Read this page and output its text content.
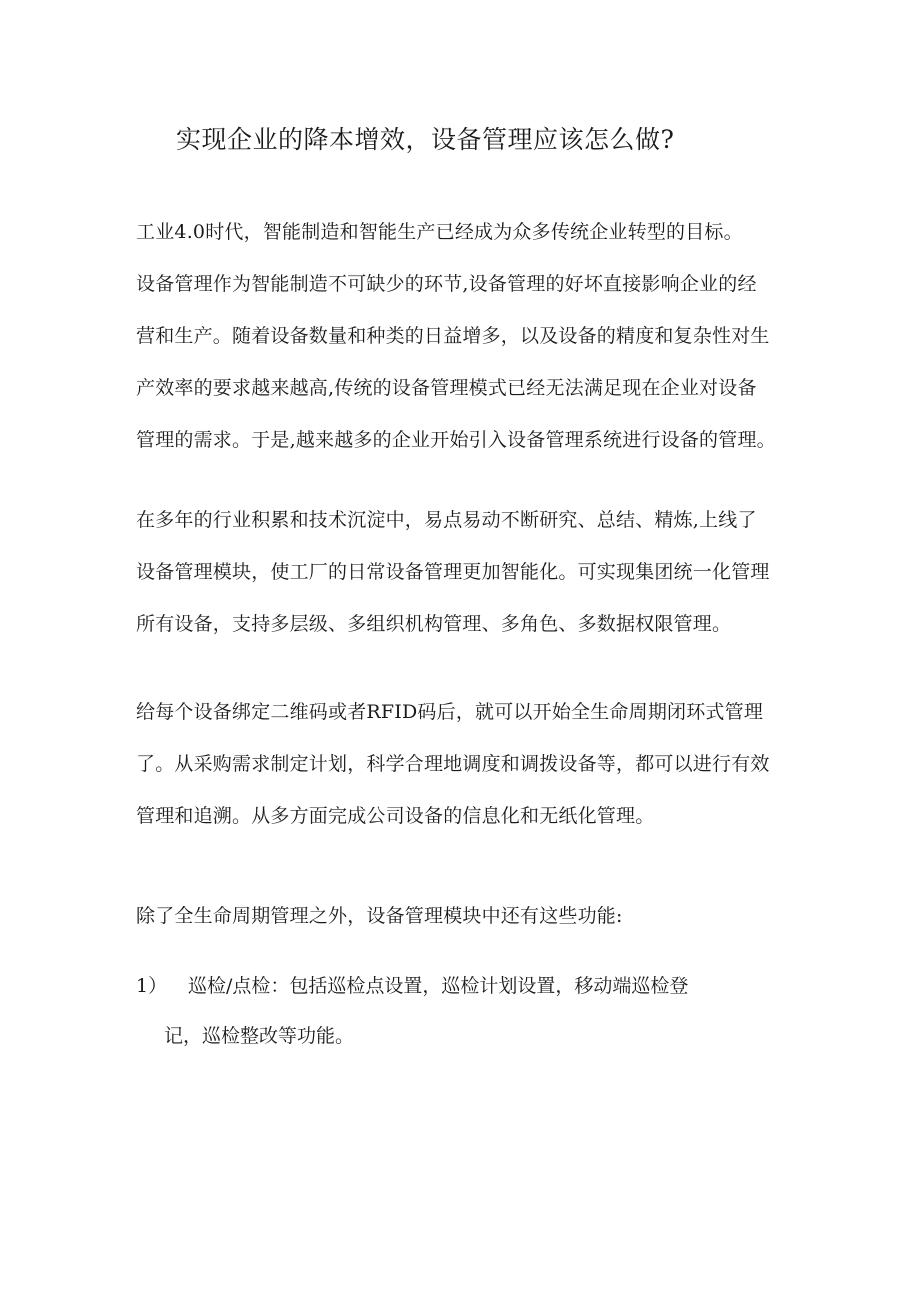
实现企业的降本增效，设备管理应该怎么做?
工业4.0时代，智能制造和智能生产已经成为众多传统企业转型的目标。
设备管理作为智能制造不可缺少的环节,设备管理的好坏直接影响企业的经
营和生产。随着设备数量和种类的日益增多，以及设备的精度和复杂性对生
产效率的要求越来越高,传统的设备管理模式已经无法满足现在企业对设备
管理的需求。于是,越来越多的企业开始引入设备管理系统进行设备的管理。
在多年的行业积累和技术沉淀中，易点易动不断研究、总结、精炼,上线了
设备管理模块，使工厂的日常设备管理更加智能化。可实现集团统一化管理
所有设备，支持多层级、多组织机构管理、多角色、多数据权限管理。
给每个设备绑定二维码或者RFID码后，就可以开始全生命周期闭环式管理
了。从采购需求制定计划，科学合理地调度和调拨设备等，都可以进行有效
管理和追溯。从多方面完成公司设备的信息化和无纸化管理。
除了全生命周期管理之外，设备管理模块中还有这些功能:
1） 巡检/点检：包括巡检点设置，巡检计划设置，移动端巡检登
记，巡检整改等功能。
